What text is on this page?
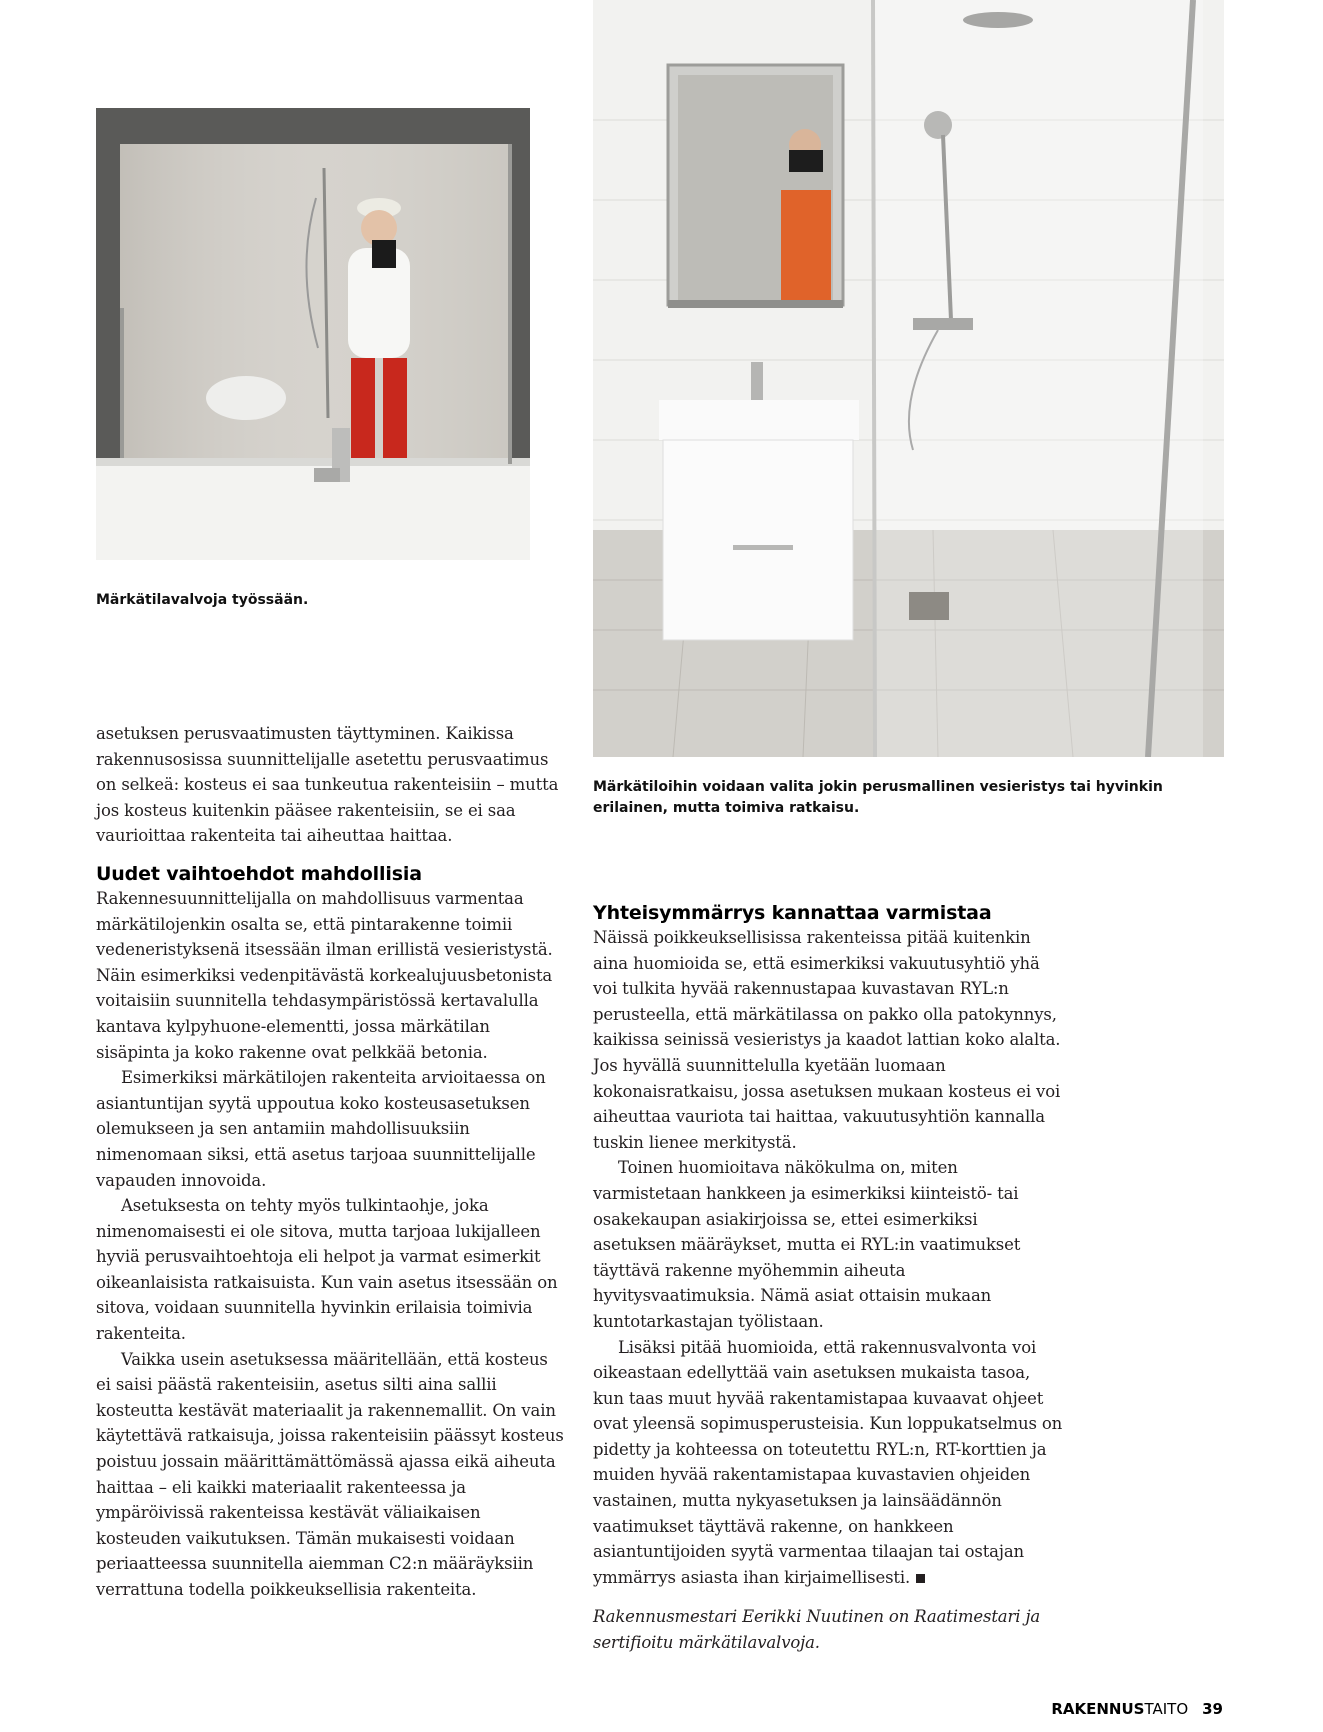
Märkätilavalvoja työssään.
Märkätiloihin voidaan valita jokin perusmallinen vesieristys tai hyvinkin erilainen, mutta toimiva ratkaisu.

asetuksen perusvaatimusten täyttyminen. Kaikissa rakennusosissa suunnittelijalle asetettu perusvaatimus on selkeä: kosteus ei saa tunkeutua rakenteisiin – mutta jos kosteus kuitenkin pääsee rakenteisiin, se ei saa vaurioittaa rakenteita tai aiheuttaa haittaa.

Uudet vaihtoehdot mahdollisia

Rakennesuunnittelijalla on mahdollisuus varmentaa märkätilojenkin osalta se, että pintarakenne toimii vedeneristyksenä itsessään ilman erillistä vesieristystä. Näin esimerkiksi vedenpitävästä korkealujuusbetonista voitaisiin suunnitella tehdasympäristössä kertavalulla kantava kylpyhuone-elementti, jossa märkätilan sisäpinta ja koko rakenne ovat pelkkää betonia.

Esimerkiksi märkätilojen rakenteita arvioitaessa on asiantuntijan syytä uppoutua koko kosteusasetuksen olemukseen ja sen antamiin mahdollisuuksiin nimenomaan siksi, että asetus tarjoaa suunnittelijalle vapauden innovoida.

Asetuksesta on tehty myös tulkintaohje, joka nimenomaisesti ei ole sitova, mutta tarjoaa lukijalleen hyviä perusvaihtoehtoja eli helpot ja varmat esimerkit oikeanlaisista ratkaisuista. Kun vain asetus itsessään on sitova, voidaan suunnitella hyvinkin erilaisia toimivia rakenteita.

Vaikka usein asetuksessa määritellään, että kosteus ei saisi päästä rakenteisiin, asetus silti aina sallii kosteutta kestävät materiaalit ja rakennemallit. On vain käytettävä ratkaisuja, joissa rakenteisiin päässyt kosteus poistuu jossain määrittämättömässä ajassa eikä aiheuta haittaa – eli kaikki materiaalit rakenteessa ja ympäröivissä rakenteissa kestävät väliaikaisen kosteuden vaikutuksen. Tämän mukaisesti voidaan periaatteessa suunnitella aiemman C2:n määräyksiin verrattuna todella poikkeuksellisia rakenteita.

Yhteisymmärrys kannattaa varmistaa

Näissä poikkeuksellisissa rakenteissa pitää kuitenkin aina huomioida se, että esimerkiksi vakuutusyhtiö yhä voi tulkita hyvää rakennustapaa kuvastavan RYL:n perusteella, että märkätilassa on pakko olla patokynnys, kaikissa seinissä vesieristys ja kaadot lattian koko alalta. Jos hyvällä suunnittelulla kyetään luomaan kokonaisratkaisu, jossa asetuksen mukaan kosteus ei voi aiheuttaa vauriota tai haittaa, vakuutusyhtiön kannalla tuskin lienee merkitystä.

Toinen huomioitava näkökulma on, miten varmistetaan hankkeen ja esimerkiksi kiinteistö- tai osakekaupan asiakirjoissa se, ettei esimerkiksi asetuksen määräykset, mutta ei RYL:in vaatimukset täyttävä rakenne myöhemmin aiheuta hyvitysvaatimuksia. Nämä asiat ottaisin mukaan kuntotarkastajan työlistaan.

Lisäksi pitää huomioida, että rakennusvalvonta voi oikeastaan edellyttää vain asetuksen mukaista tasoa, kun taas muut hyvää rakentamistapaa kuvaavat ohjeet ovat yleensä sopimusperusteisia. Kun loppukatselmus on pidetty ja kohteessa on toteutettu RYL:n, RT-korttien ja muiden hyvää rakentamistapaa kuvastavien ohjeiden vastainen, mutta nykyasetuksen ja lainsäädännön vaatimukset täyttävä rakenne, on hankkeen asiantuntijoiden syytä varmentaa tilaajan tai ostajan ymmärrys asiasta ihan kirjaimellisesti.

Rakennusmestari Eerikki Nuutinen on Raatimestari ja sertifioitu märkätilavalvoja.

RAKENNUSTAITO 39
